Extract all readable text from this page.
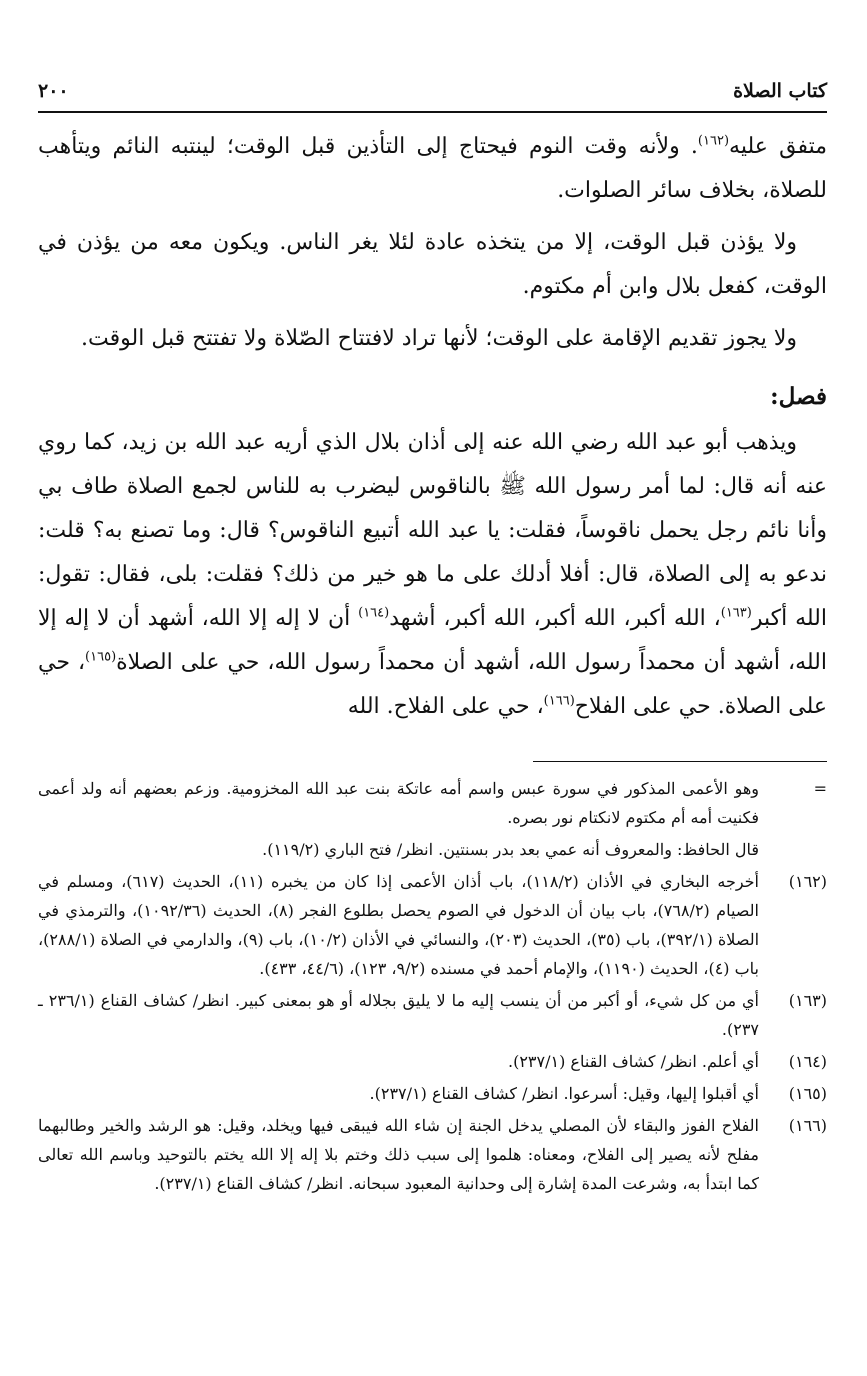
كتاب الصلاة
٢٠٠

متفق عليه$^{(١٦٢)}$. ولأنه وقت النوم فيحتاج إلى التأذين قبل الوقت؛ لينتبه النائم ويتأهب للصلاة، بخلاف سائر الصلوات.

ولا يؤذن قبل الوقت، إلا من يتخذه عادة لئلا يغر الناس. ويكون معه من يؤذن في الوقت، كفعل بلال وابن أم مكتوم.

ولا يجوز تقديم الإقامة على الوقت؛ لأنها تراد لافتتاح الصّلاة ولا تفتتح قبل الوقت.

فصل:

ويذهب أبو عبد الله رضي الله عنه إلى أذان بلال الذي أريه عبد الله بن زيد، كما روي عنه أنه قال: لما أمر رسول الله ﷺ بالناقوس ليضرب به للناس لجمع الصلاة طاف بي وأنا نائم رجل يحمل ناقوساً، فقلت: يا عبد الله أتبيع الناقوس؟ قال: وما تصنع به؟ قلت: ندعو به إلى الصلاة، قال: أفلا أدلك على ما هو خير من ذلك؟ فقلت: بلى، فقال: تقول: الله أكبر$^{(١٦٣)}$، الله أكبر، الله أكبر، الله أكبر، أشهد$^{(١٦٤)}$ أن لا إله إلا الله، أشهد أن لا إله إلا الله، أشهد أن محمداً رسول الله، أشهد أن محمداً رسول الله، حي على الصلاة$^{(١٦٥)}$، حي على الصلاة. حي على الفلاح$^{(١٦٦)}$، حي على الفلاح. الله

=
وهو الأعمى المذكور في سورة عبس واسم أمه عاتكة بنت عبد الله المخزومية. وزعم بعضهم أنه ولد أعمى فكنيت أمه أم مكتوم لانكتام نور بصره.
قال الحافظ: والمعروف أنه عمي بعد بدر بسنتين. انظر/ فتح الباري (١١٩/٢).
(١٦٢)
أخرجه البخاري في الأذان (١١٨/٢)، باب أذان الأعمى إذا كان من يخبره (١١)، الحديث (٦١٧)، ومسلم في الصيام (٧٦٨/٢)، باب بيان أن الدخول في الصوم يحصل بطلوع الفجر (٨)، الحديث (١٠٩٢/٣٦)، والترمذي في الصلاة (٣٩٢/١)، باب (٣٥)، الحديث (٢٠٣)، والنسائي في الأذان (١٠/٢)، باب (٩)، والدارمي في الصلاة (٢٨٨/١)، باب (٤)، الحديث (١١٩٠)، والإمام أحمد في مسنده (٩/٢، ١٢٣)، (٤٤/٦، ٤٣٣).
(١٦٣)
أي من كل شيء، أو أكبر من أن ينسب إليه ما لا يليق بجلاله أو هو بمعنى كبير. انظر/ كشاف القناع (٢٣٦/١ ـ ٢٣٧).
(١٦٤)
أي أعلم. انظر/ كشاف القناع (٢٣٧/١).
(١٦٥)
أي أقبلوا إليها، وقيل: أسرعوا. انظر/ كشاف القناع (٢٣٧/١).
(١٦٦)
الفلاح الفوز والبقاء لأن المصلي يدخل الجنة إن شاء الله فيبقى فيها ويخلد، وقيل: هو الرشد والخير وطالبهما مفلح لأنه يصير إلى الفلاح، ومعناه: هلموا إلى سبب ذلك وختم بلا إله إلا الله يختم بالتوحيد وباسم الله تعالى كما ابتدأ به، وشرعت المدة إشارة إلى وحدانية المعبود سبحانه. انظر/ كشاف القناع (٢٣٧/١).
